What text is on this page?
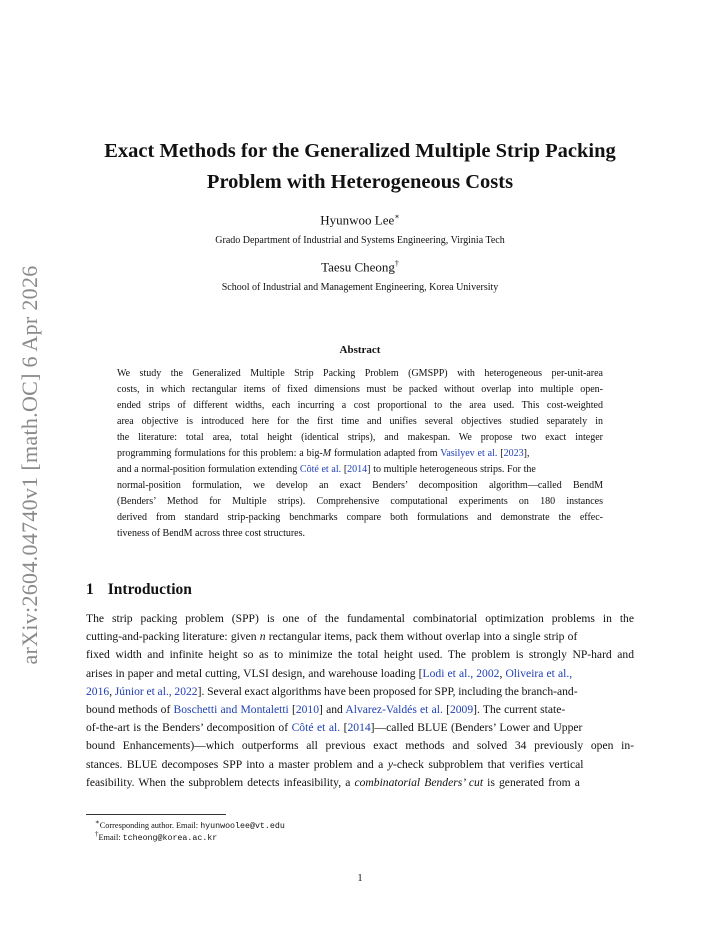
arXiv:2604.04740v1 [math.OC] 6 Apr 2026
Exact Methods for the Generalized Multiple Strip Packing
Problem with Heterogeneous Costs
Hyunwoo Lee∗
Grado Department of Industrial and Systems Engineering, Virginia Tech
Taesu Cheong†
School of Industrial and Management Engineering, Korea University
Abstract
We study the Generalized Multiple Strip Packing Problem (GMSPP) with heterogeneous per-unit-area
costs, in which rectangular items of fixed dimensions must be packed without overlap into multiple open-
ended strips of different widths, each incurring a cost proportional to the area used. This cost-weighted
area objective is introduced here for the first time and unifies several objectives studied separately in
the literature: total area, total height (identical strips), and makespan. We propose two exact integer
programming formulations for this problem: a big-M formulation adapted from Vasilyev et al. [2023],
and a normal-position formulation extending Côté et al. [2014] to multiple heterogeneous strips. For the
normal-position formulation, we develop an exact Benders’ decomposition algorithm—called BendM
(Benders’ Method for Multiple strips). Comprehensive computational experiments on 180 instances
derived from standard strip-packing benchmarks compare both formulations and demonstrate the effec-
tiveness of BendM across three cost structures.
1 Introduction
The strip packing problem (SPP) is one of the fundamental combinatorial optimization problems in the
cutting-and-packing literature: given n rectangular items, pack them without overlap into a single strip of
fixed width and infinite height so as to minimize the total height used. The problem is strongly NP-hard and
arises in paper and metal cutting, VLSI design, and warehouse loading [Lodi et al., 2002, Oliveira et al.,
2016, Júnior et al., 2022]. Several exact algorithms have been proposed for SPP, including the branch-and-
bound methods of Boschetti and Montaletti [2010] and Alvarez-Valdés et al. [2009]. The current state-
of-the-art is the Benders’ decomposition of Côté et al. [2014]—called BLUE (Benders’ Lower and Upper
bound Enhancements)—which outperforms all previous exact methods and solved 34 previously open in-
stances. BLUE decomposes SPP into a master problem and a y-check subproblem that verifies vertical
feasibility. When the subproblem detects infeasibility, a combinatorial Benders’ cut is generated from a
∗Corresponding author. Email: hyunwoolee@vt.edu
†Email: tcheong@korea.ac.kr
1
